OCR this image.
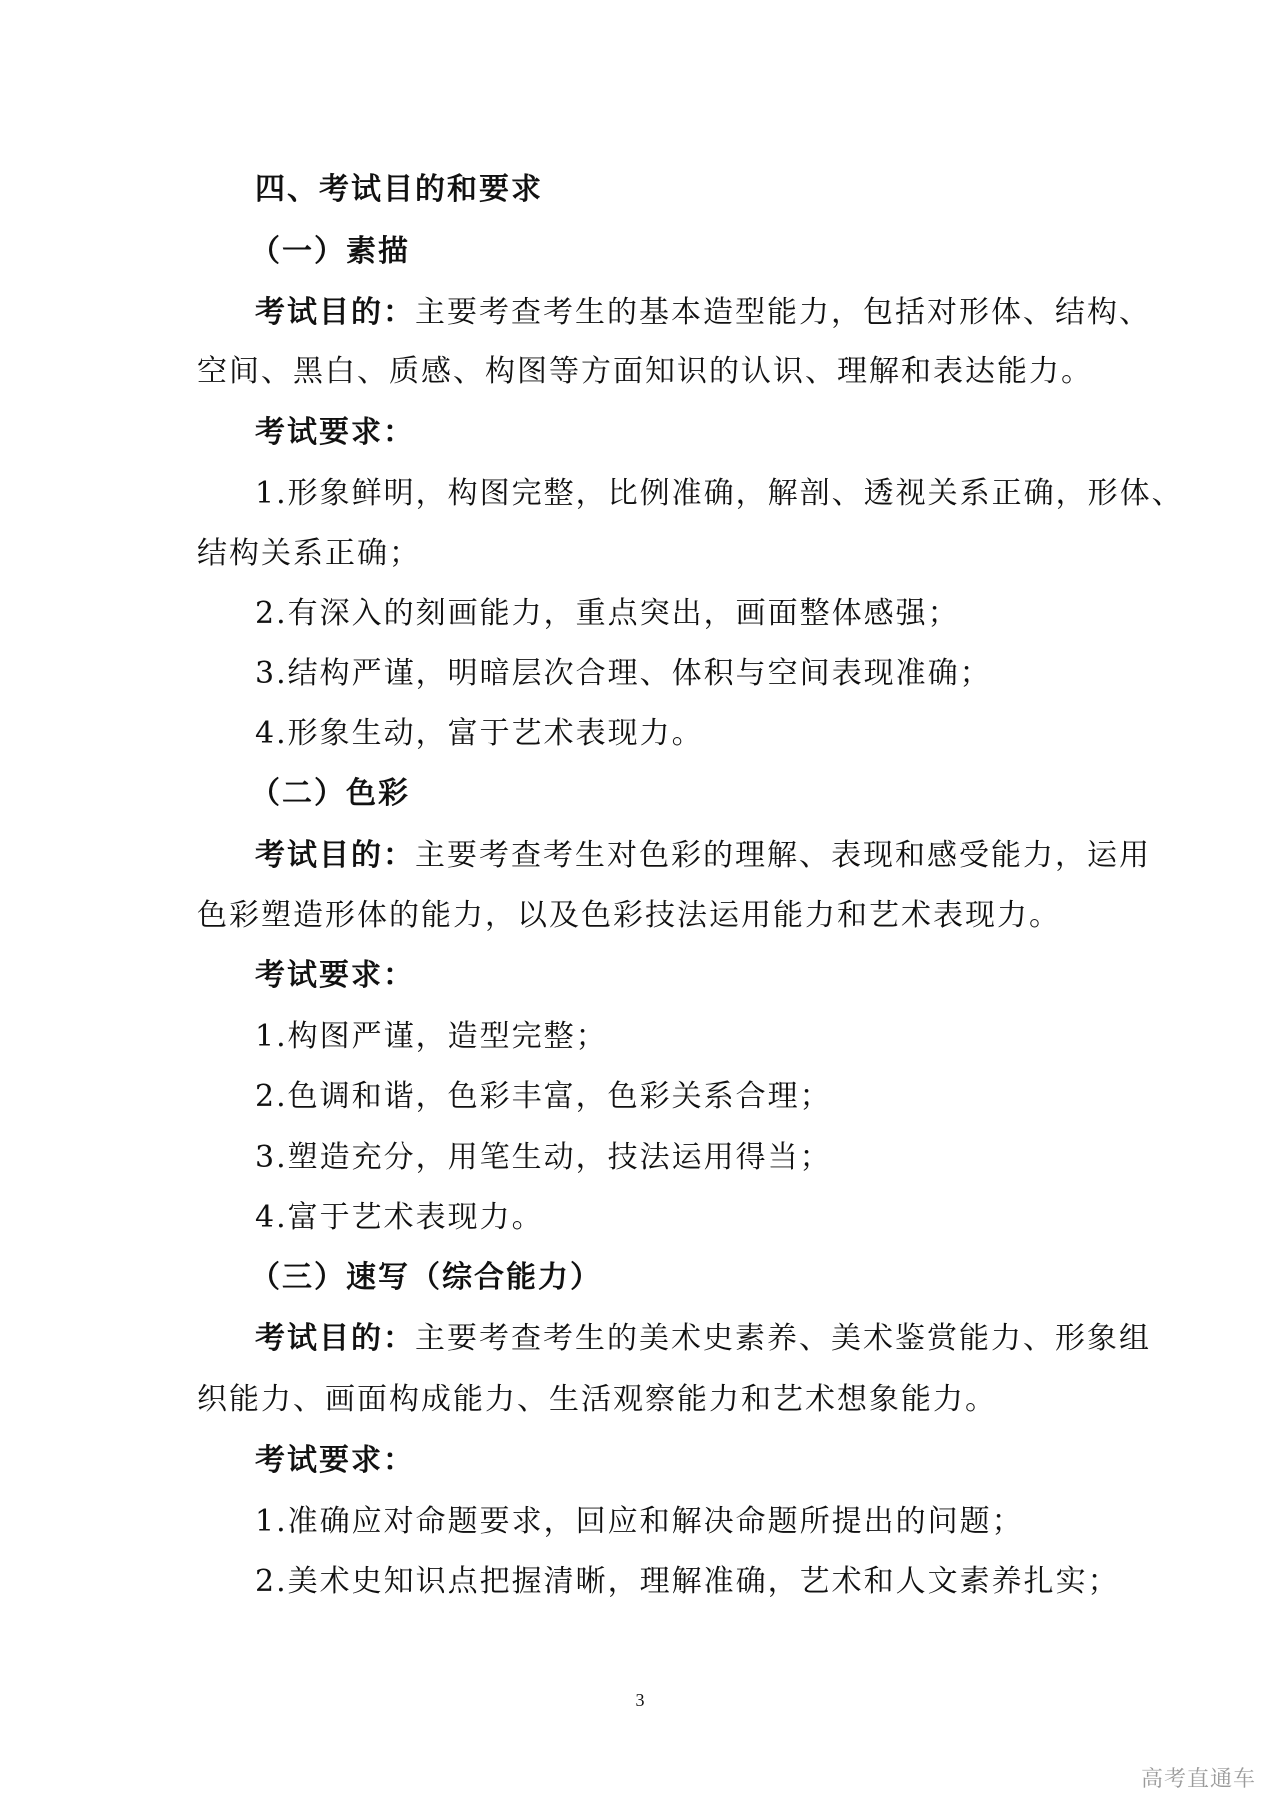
四、考试目的和要求
（一）素描
考试目的：主要考查考生的基本造型能力，包括对形体、结构、
空间、黑白、质感、构图等方面知识的认识、理解和表达能力。
考试要求：
1.形象鲜明，构图完整，比例准确，解剖、透视关系正确，形体、
结构关系正确；
2.有深入的刻画能力，重点突出，画面整体感强；
3.结构严谨，明暗层次合理、体积与空间表现准确；
4.形象生动，富于艺术表现力。
（二）色彩
考试目的：主要考查考生对色彩的理解、表现和感受能力，运用
色彩塑造形体的能力，以及色彩技法运用能力和艺术表现力。
考试要求：
1.构图严谨，造型完整；
2.色调和谐，色彩丰富，色彩关系合理；
3.塑造充分，用笔生动，技法运用得当；
4.富于艺术表现力。
（三）速写（综合能力）
考试目的：主要考查考生的美术史素养、美术鉴赏能力、形象组
织能力、画面构成能力、生活观察能力和艺术想象能力。
考试要求：
1.准确应对命题要求，回应和解决命题所提出的问题；
2.美术史知识点把握清晰，理解准确，艺术和人文素养扎实；
3
高考直通车
